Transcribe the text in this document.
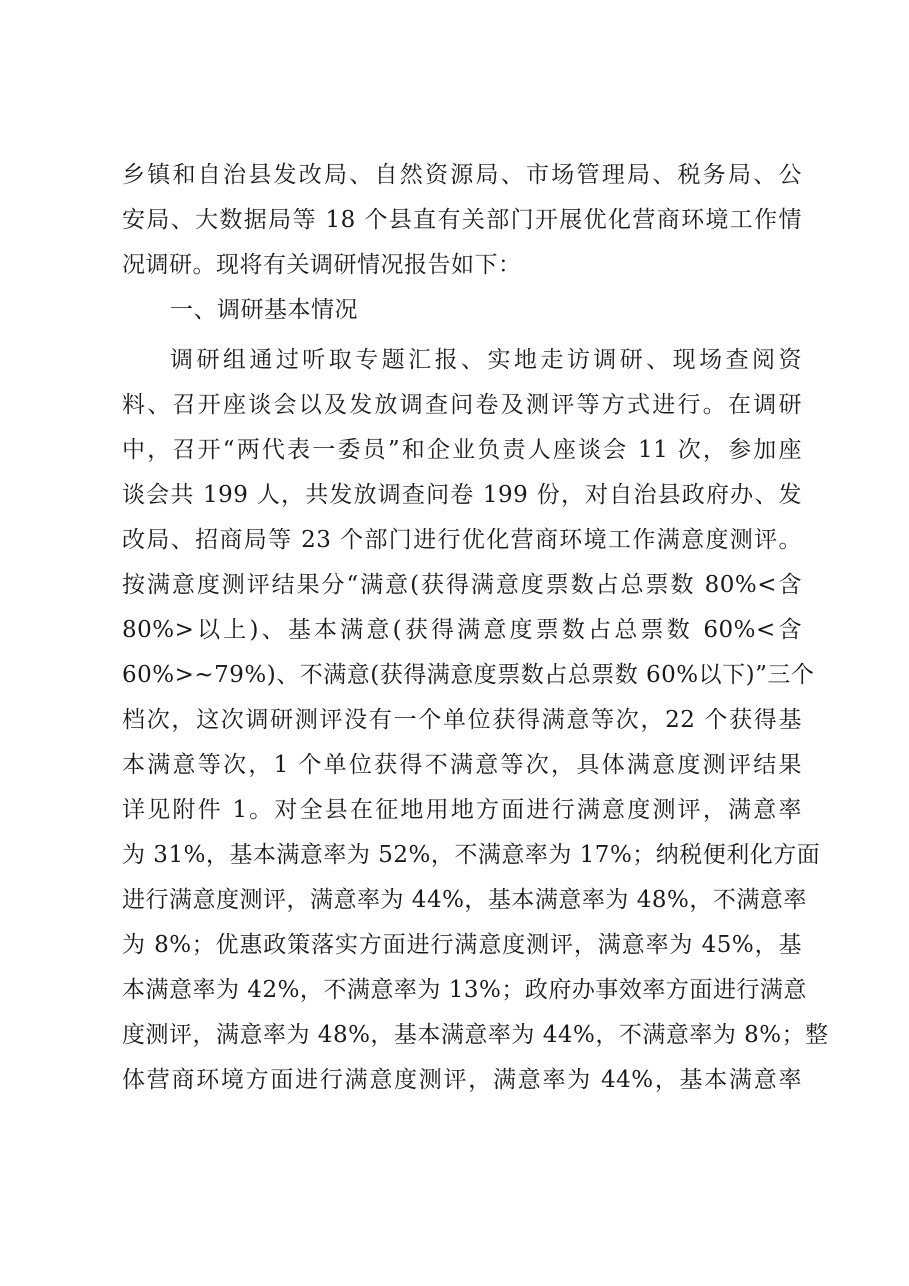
乡镇和自治县发改局、自然资源局、市场管理局、税务局、公
安局、大数据局等 18 个县直有关部门开展优化营商环境工作情
况调研。现将有关调研情况报告如下：
一、调研基本情况
调研组通过听取专题汇报、实地走访调研、现场查阅资
料、召开座谈会以及发放调查问卷及测评等方式进行。在调研
中，召开“两代表一委员”和企业负责人座谈会 11 次，参加座
谈会共 199 人，共发放调查问卷 199 份，对自治县政府办、发
改局、招商局等 23 个部门进行优化营商环境工作满意度测评。
按满意度测评结果分“满意(获得满意度票数占总票数 80%<含
80%>以上)、基本满意(获得满意度票数占总票数 60%<含
60%>~79%)、不满意(获得满意度票数占总票数 60%以下)”三个
档次，这次调研测评没有一个单位获得满意等次，22 个获得基
本满意等次，1 个单位获得不满意等次，具体满意度测评结果
详见附件 1。对全县在征地用地方面进行满意度测评，满意率
为 31%，基本满意率为 52%，不满意率为 17%；纳税便利化方面
进行满意度测评，满意率为 44%，基本满意率为 48%，不满意率
为 8%；优惠政策落实方面进行满意度测评，满意率为 45%，基
本满意率为 42%，不满意率为 13%；政府办事效率方面进行满意
度测评，满意率为 48%，基本满意率为 44%，不满意率为 8%；整
体营商环境方面进行满意度测评，满意率为 44%，基本满意率
